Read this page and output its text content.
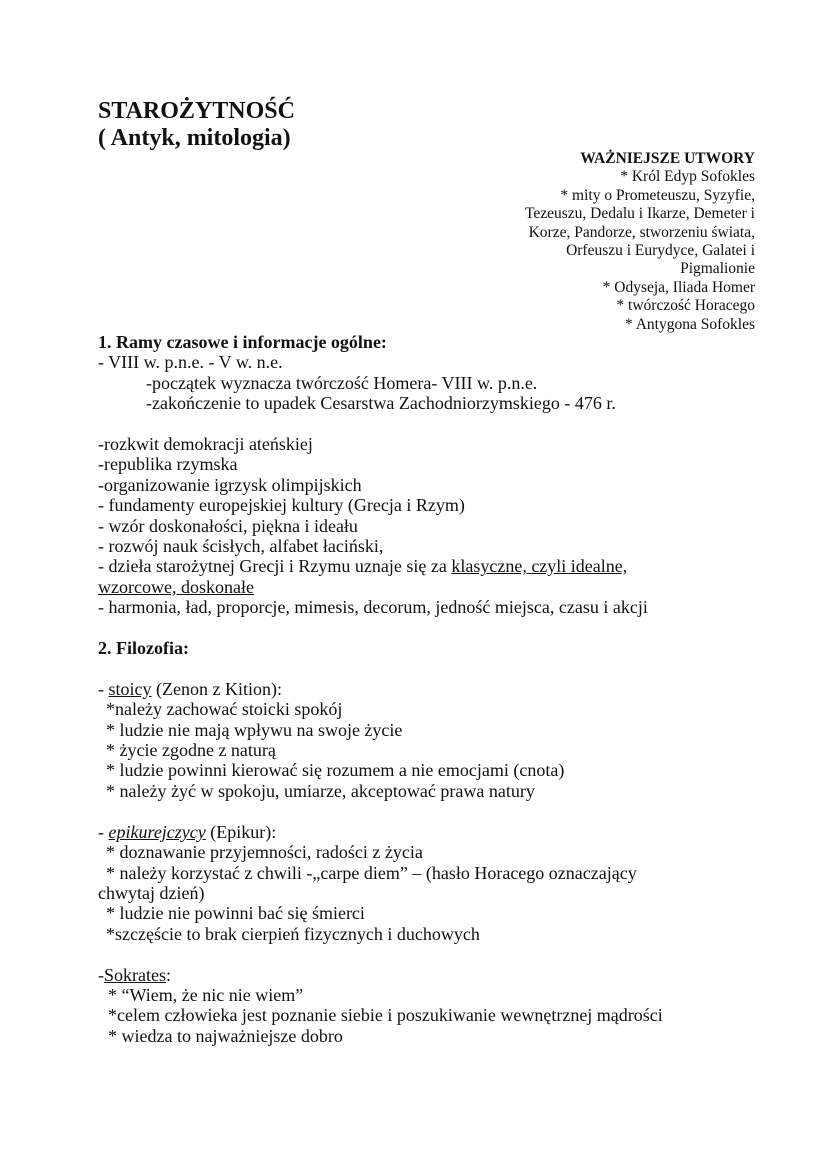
STAROŻYTNOŚĆ
( Antyk, mitologia)
WAŻNIEJSZE UTWORY
* Król Edyp Sofokles
* mity o Prometeuszu, Syzyfie,
Tezeuszu, Dedalu i Ikarze, Demeter i
Korze, Pandorze, stworzeniu świata,
Orfeuszu i Eurydyce, Galatei i
Pigmalionie
* Odyseja, Iliada Homer
* twórczość Horacego
* Antygona Sofokles
1. Ramy czasowe i informacje ogólne:
- VIII w. p.n.e. - V w. n.e.
-początek wyznacza twórczość Homera- VIII w. p.n.e.
-zakończenie to upadek Cesarstwa Zachodniorzymskiego - 476 r.
-rozkwit demokracji ateńskiej
-republika rzymska
-organizowanie igrzysk olimpijskich
- fundamenty europejskiej kultury (Grecja i Rzym)
- wzór doskonałości, piękna i ideału
- rozwój nauk ścisłych, alfabet łaciński,
- dzieła starożytnej Grecji i Rzymu uznaje się za klasyczne, czyli idealne,
wzorcowe, doskonałe
- harmonia, ład, proporcje, mimesis, decorum, jedność miejsca, czasu i akcji
2. Filozofia:
- stoicy (Zenon z Kition):
*należy zachować stoicki spokój
* ludzie nie mają wpływu na swoje życie
* życie zgodne z naturą
* ludzie powinni kierować się rozumem a nie emocjami (cnota)
* należy żyć w spokoju, umiarze, akceptować prawa natury
- epikurejczycy (Epikur):
* doznawanie przyjemności, radości z życia
* należy korzystać z chwili -„carpe diem” – (hasło Horacego oznaczający
chwytaj dzień)
* ludzie nie powinni bać się śmierci
*szczęście to brak cierpień fizycznych i duchowych
-Sokrates:
* “Wiem, że nic nie wiem”
*celem człowieka jest poznanie siebie i poszukiwanie wewnętrznej mądrości
* wiedza to najważniejsze dobro
